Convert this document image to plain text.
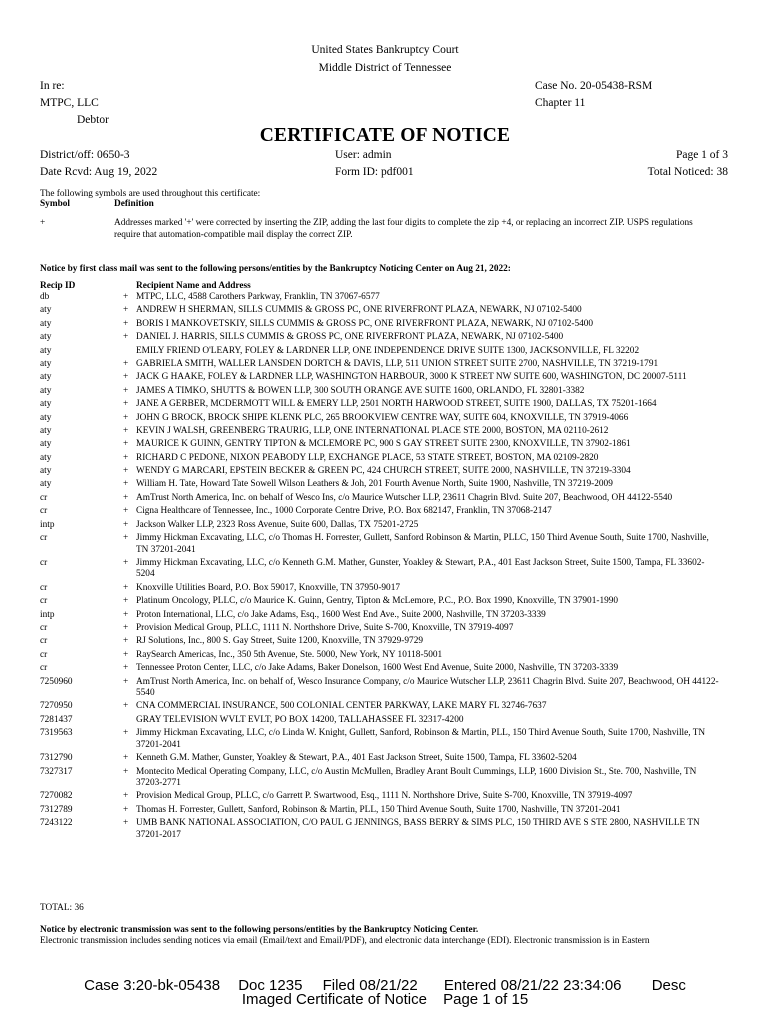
United States Bankruptcy Court
Middle District of Tennessee
In re:
MTPC, LLC
Debtor
Case No. 20-05438-RSM
Chapter 11
CERTIFICATE OF NOTICE
District/off: 0650-3
Date Rcvd: Aug 19, 2022
User: admin
Form ID: pdf001
Page 1 of 3
Total Noticed: 38
The following symbols are used throughout this certificate:
Symbol	Definition
+	Addresses marked '+' were corrected by inserting the ZIP, adding the last four digits to complete the zip +4, or replacing an incorrect ZIP. USPS regulations require that automation-compatible mail display the correct ZIP.
Notice by first class mail was sent to the following persons/entities by the Bankruptcy Noticing Center on Aug 21, 2022:
Recip ID	Recipient Name and Address
db	+ MTPC, LLC, 4588 Carothers Parkway, Franklin, TN 37067-6577
aty	+ ANDREW H SHERMAN, SILLS CUMMIS & GROSS PC, ONE RIVERFRONT PLAZA, NEWARK, NJ 07102-5400
aty	+ BORIS I MANKOVETSKIY, SILLS CUMMIS & GROSS PC, ONE RIVERFRONT PLAZA, NEWARK, NJ 07102-5400
aty	+ DANIEL J. HARRIS, SILLS CUMMIS & GROSS PC, ONE RIVERFRONT PLAZA, NEWARK, NJ 07102-5400
aty	EMILY FRIEND O'LEARY, FOLEY & LARDNER LLP, ONE INDEPENDENCE DRIVE SUITE 1300, JACKSONVILLE, FL 32202
aty	+ GABRIELA SMITH, WALLER LANSDEN DORTCH & DAVIS, LLP, 511 UNION STREET SUITE 2700, NASHVILLE, TN 37219-1791
aty	+ JACK G HAAKE, FOLEY & LARDNER LLP, WASHINGTON HARBOUR, 3000 K STREET NW SUITE 600, WASHINGTON, DC 20007-5111
aty	+ JAMES A TIMKO, SHUTTS & BOWEN LLP, 300 SOUTH ORANGE AVE SUITE 1600, ORLANDO, FL 32801-3382
aty	+ JANE A GERBER, MCDERMOTT WILL & EMERY LLP, 2501 NORTH HARWOOD STREET, SUITE 1900, DALLAS, TX 75201-1664
aty	+ JOHN G BROCK, BROCK SHIPE KLENK PLC, 265 BROOKVIEW CENTRE WAY, SUITE 604, KNOXVILLE, TN 37919-4066
aty	+ KEVIN J WALSH, GREENBERG TRAURIG, LLP, ONE INTERNATIONAL PLACE STE 2000, BOSTON, MA 02110-2612
aty	+ MAURICE K GUINN, GENTRY TIPTON & MCLEMORE PC, 900 S GAY STREET SUITE 2300, KNOXVILLE, TN 37902-1861
aty	+ RICHARD C PEDONE, NIXON PEABODY LLP, EXCHANGE PLACE, 53 STATE STREET, BOSTON, MA 02109-2820
aty	+ WENDY G MARCARI, EPSTEIN BECKER & GREEN PC, 424 CHURCH STREET, SUITE 2000, NASHVILLE, TN 37219-3304
aty	+ William H. Tate, Howard Tate Sowell Wilson Leathers & Joh, 201 Fourth Avenue North, Suite 1900, Nashville, TN 37219-2009
cr	+ AmTrust North America, Inc. on behalf of Wesco Ins, c/o Maurice Wutscher LLP, 23611 Chagrin Blvd. Suite 207, Beachwood, OH 44122-5540
cr	+ Cigna Healthcare of Tennessee, Inc., 1000 Corporate Centre Drive, P.O. Box 682147, Franklin, TN 37068-2147
intp	+ Jackson Walker LLP, 2323 Ross Avenue, Suite 600, Dallas, TX 75201-2725
cr	+ Jimmy Hickman Excavating, LLC, c/o Thomas H. Forrester, Gullett, Sanford Robinson & Martin, PLLC, 150 Third Avenue South, Suite 1700, Nashville, TN 37201-2041
cr	+ Jimmy Hickman Excavating, LLC, c/o Kenneth G.M. Mather, Gunster, Yoakley & Stewart, P.A., 401 East Jackson Street, Suite 1500, Tampa, FL 33602-5204
cr	+ Knoxville Utilities Board, P.O. Box 59017, Knoxville, TN 37950-9017
cr	+ Platinum Oncology, PLLC, c/o Maurice K. Guinn, Gentry, Tipton & McLemore, P.C., P.O. Box 1990, Knoxville, TN 37901-1990
intp	+ Proton International, LLC, c/o Jake Adams, Esq., 1600 West End Ave., Suite 2000, Nashville, TN 37203-3339
cr	+ Provision Medical Group, PLLC, 1111 N. Northshore Drive, Suite S-700, Knoxville, TN 37919-4097
cr	+ RJ Solutions, Inc., 800 S. Gay Street, Suite 1200, Knoxville, TN 37929-9729
cr	+ RaySearch Americas, Inc., 350 5th Avenue, Ste. 5000, New York, NY 10118-5001
cr	+ Tennessee Proton Center, LLC, c/o Jake Adams, Baker Donelson, 1600 West End Avenue, Suite 2000, Nashville, TN 37203-3339
7250960	+ AmTrust North America, Inc. on behalf of, Wesco Insurance Company, c/o Maurice Wutscher LLP, 23611 Chagrin Blvd. Suite 207, Beachwood, OH 44122-5540
7270950	+ CNA COMMERCIAL INSURANCE, 500 COLONIAL CENTER PARKWAY, LAKE MARY FL 32746-7637
7281437	GRAY TELEVISION WVLT EVLT, PO BOX 14200, TALLAHASSEE FL 32317-4200
7319563	+ Jimmy Hickman Excavating, LLC, c/o Linda W. Knight, Gullett, Sanford, Robinson & Martin, PLL, 150 Third Avenue South, Suite 1700, Nashville, TN 37201-2041
7312790	+ Kenneth G.M. Mather, Gunster, Yoakley & Stewart, P.A., 401 East Jackson Street, Suite 1500, Tampa, FL 33602-5204
7327317	+ Montecito Medical Operating Company, LLC, c/o Austin McMullen, Bradley Arant Boult Cummings, LLP, 1600 Division St., Ste. 700, Nashville, TN 37203-2771
7270082	+ Provision Medical Group, PLLC, c/o Garrett P. Swartwood, Esq., 1111 N. Northshore Drive, Suite S-700, Knoxville, TN 37919-4097
7312789	+ Thomas H. Forrester, Gullett, Sanford, Robinson & Martin, PLL, 150 Third Avenue South, Suite 1700, Nashville, TN 37201-2041
7243122	+ UMB BANK NATIONAL ASSOCIATION, C/O PAUL G JENNINGS, BASS BERRY & SIMS PLC, 150 THIRD AVE S STE 2800, NASHVILLE TN 37201-2017
TOTAL: 36
Notice by electronic transmission was sent to the following persons/entities by the Bankruptcy Noticing Center.
Electronic transmission includes sending notices via email (Email/text and Email/PDF), and electronic data interchange (EDI). Electronic transmission is in Eastern
Case 3:20-bk-05438 Doc 1235 Filed 08/21/22 Entered 08/21/22 23:34:06 Desc
Imaged Certificate of Notice Page 1 of 15
